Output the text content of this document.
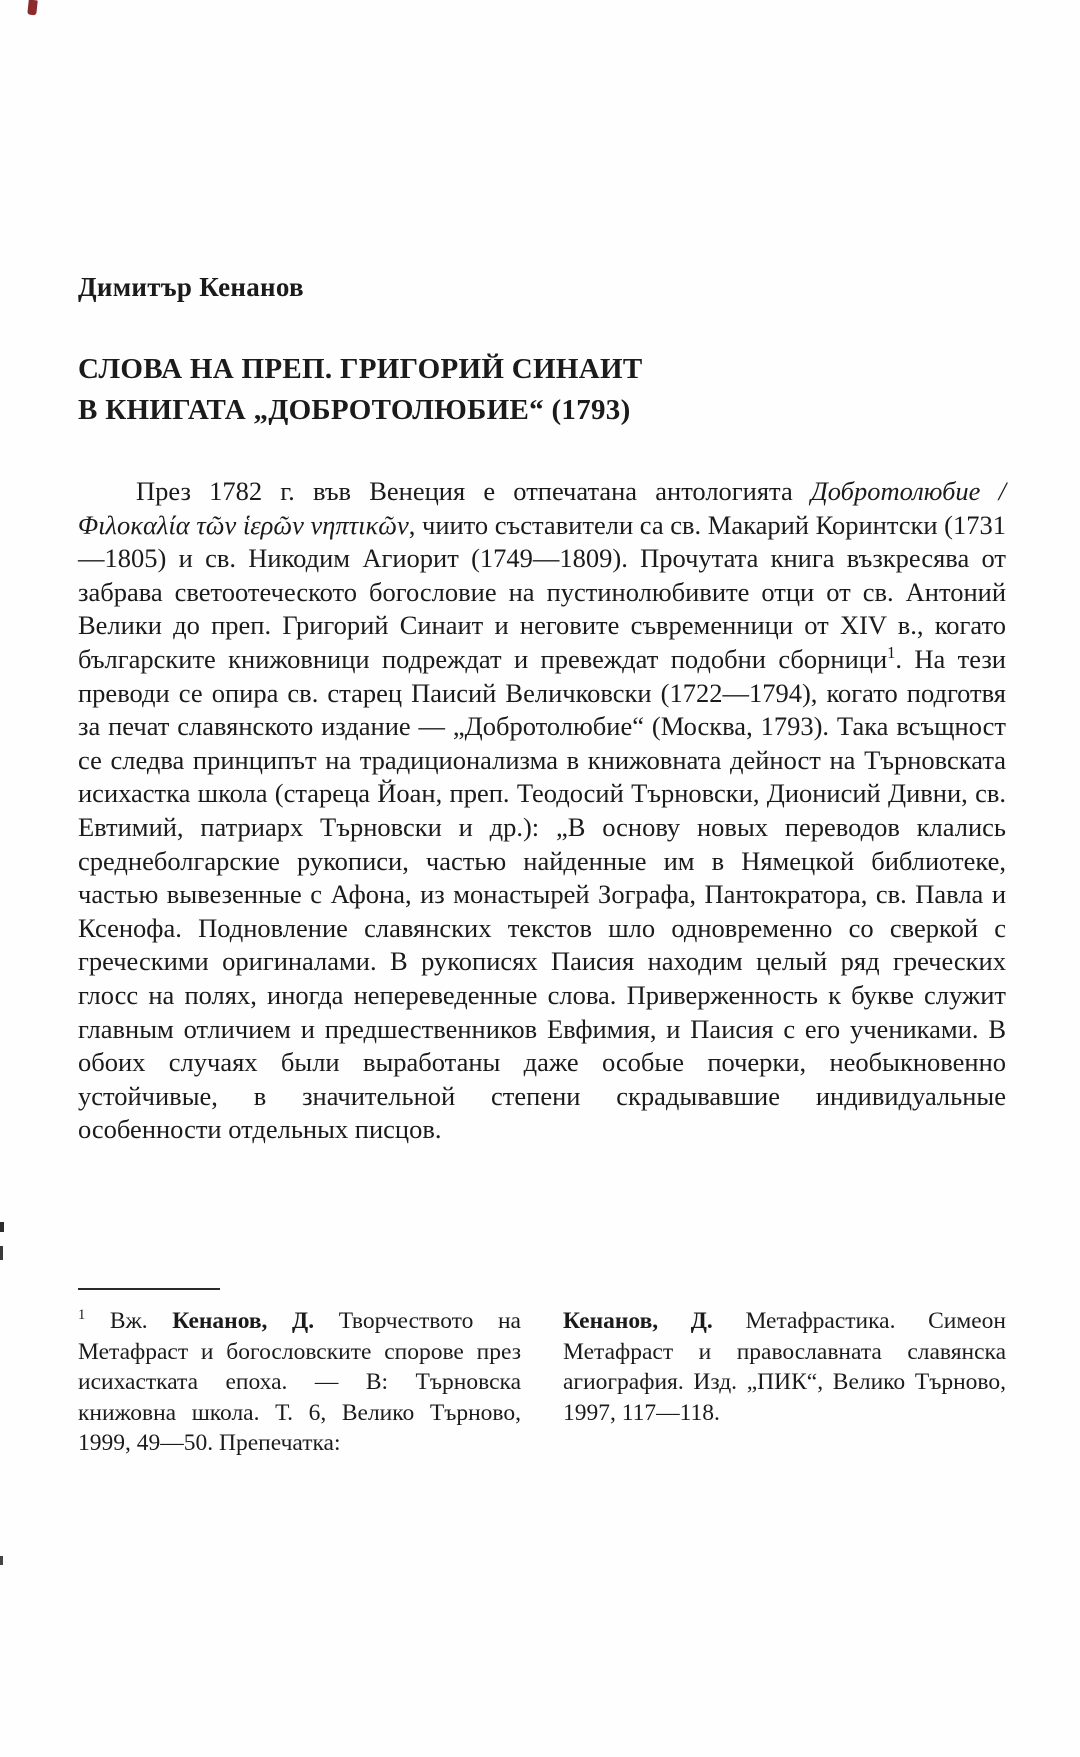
Димитър Кенанов

СЛОВА НА ПРЕП. ГРИГОРИЙ СИНАИТ

В КНИГАТА „ДОБРОТОЛЮБИЕ“ (1793)

През 1782 г. във Венеция е отпечатана антологията Добротолюбие / Φιλοκαλία τῶν ἱερῶν νηπτικῶν, чиито съставители са св. Макарий Коринтски (1731—1805) и св. Никодим Агиорит (1749—1809). Прочутата книга възкресява от забрава светоотеческото богословие на пустинолюбивите отци от св. Антоний Велики до преп. Григорий Синаит и неговите съвременници от XIV в., когато българските книжовници подреждат и превеждат подобни сборници$^1$. На тези преводи се опира св. старец Паисий Величковски (1722—1794), когато подготвя за печат славянското издание — „Добротолюбие“ (Москва, 1793). Така всъщност се следва принципът на традиционализма в книжовната дейност на Търновската исихастка школа (стареца Йоан, преп. Теодосий Търновски, Дионисий Дивни, св. Евтимий, патриарх Търновски и др.): „В основу новых переводов клались среднеболгарские рукописи, частью найденные им в Нямецкой библиотеке, частью вывезенные с Афона, из монастырей Зографа, Пантократора, св. Павла и Ксенофа. Подновление славянских текстов шло одновременно со сверкой с греческими оригиналами. В рукописях Паисия находим целый ряд греческих глосс на полях, иногда непереведенные слова. Приверженность к букве служит главным отличием и предшественников Евфимия, и Паисия с его учениками. В обоих случаях были выработаны даже особые почерки, необыкновенно устойчивые, в значительной степени скрадывавшие индивидуальные особенности отдельных писцов.

$^1$ Вж. Кенанов, Д. Творчеството на Метафраст и богословските спорове през исихастката епоха. — В: Търновска книжовна школа. Т. 6, Велико Търново, 1999, 49—50. Препечатка:

Кенанов, Д. Метафрастика. Симеон Метафраст и православната славянска агиография. Изд. „ПИК“, Велико Търново, 1997, 117—118.
